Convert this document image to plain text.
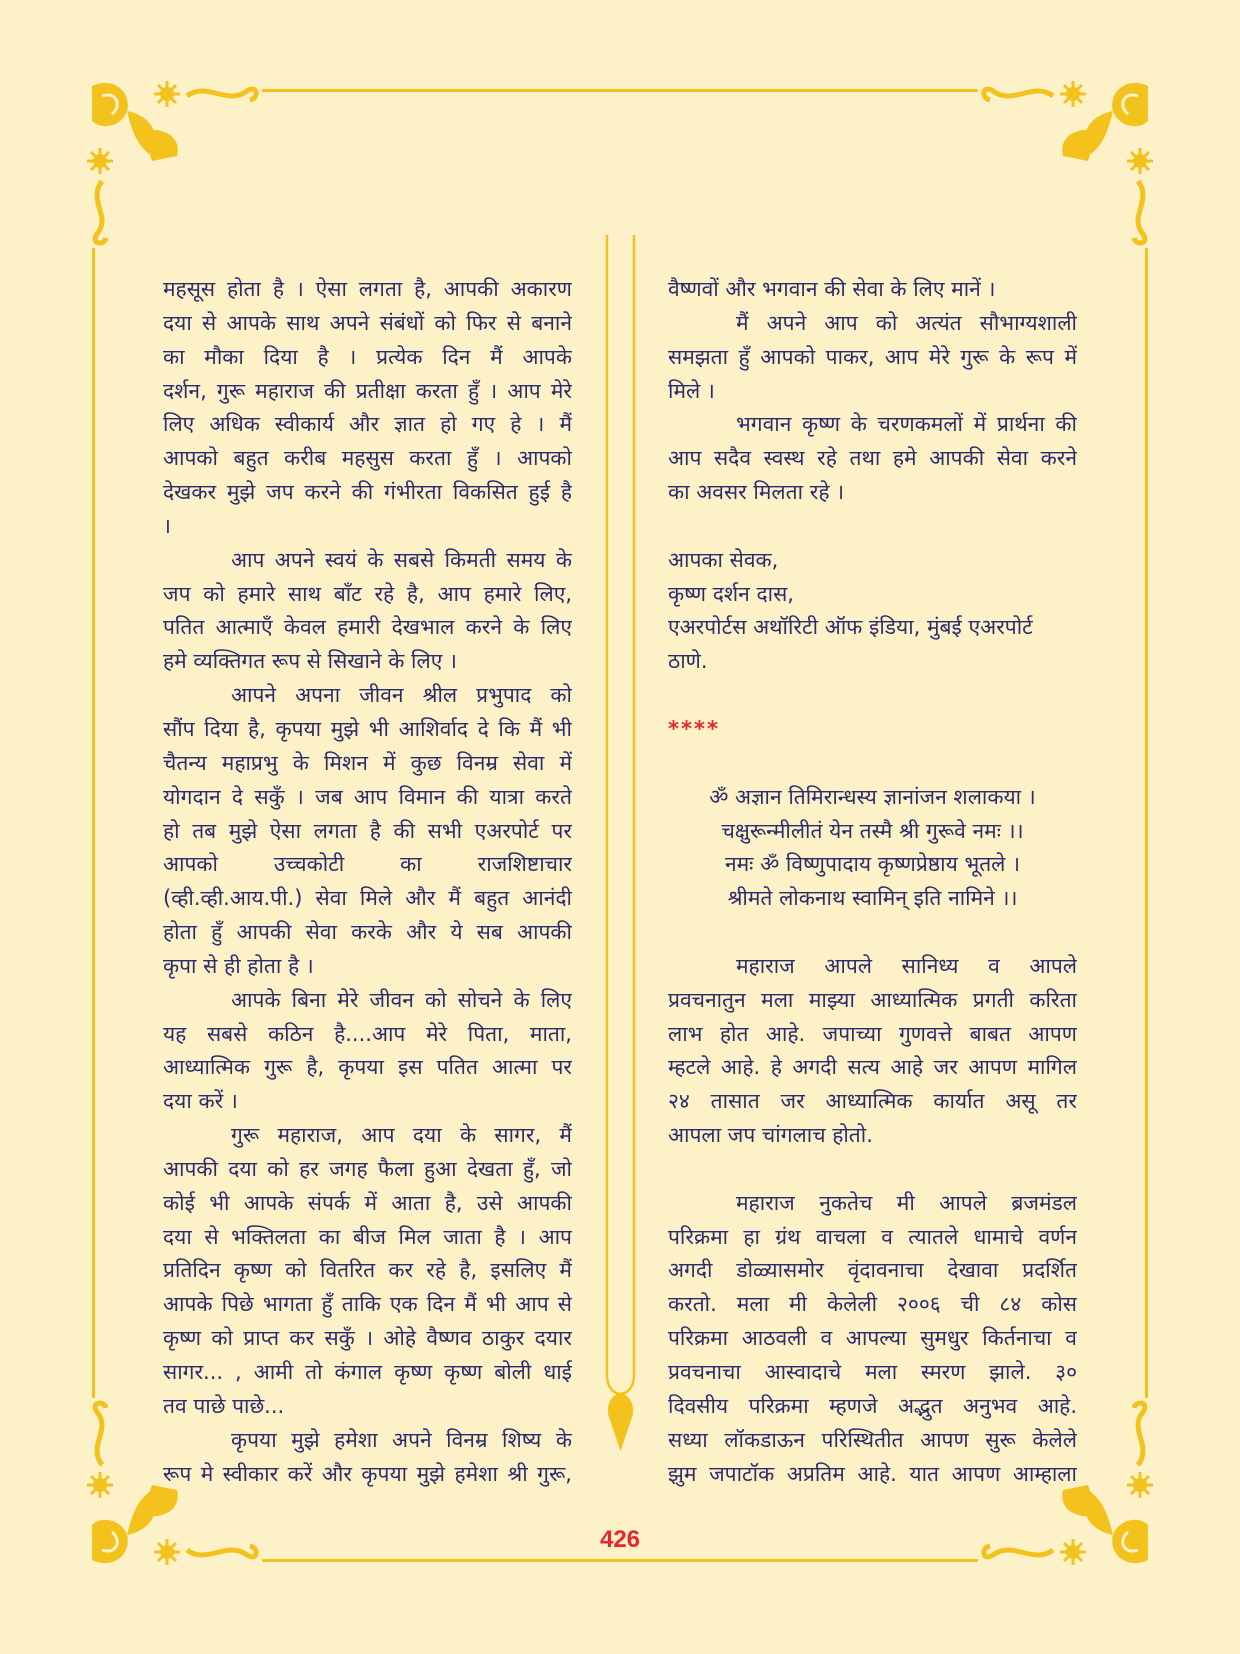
महसूस होता है । ऐसा लगता है, आपकी अकारण
दया से आपके साथ अपने संबंधों को फिर से बनाने
का मौका दिया है । प्रत्येक दिन मैं आपके
दर्शन, गुरू महाराज की प्रतीक्षा करता हुँ । आप मेरे
लिए अधिक स्वीकार्य और ज्ञात हो गए हे । मैं
आपको बहुत करीब महसुस करता हुँ । आपको
देखकर मुझे जप करने की गंभीरता विकसित हुई है
।
आप अपने स्वयं के सबसे किमती समय के
जप को हमारे साथ बाँट रहे है, आप हमारे लिए,
पतित आत्माएँ केवल हमारी देखभाल करने के लिए
हमे व्यक्तिगत रूप से सिखाने के लिए ।
आपने अपना जीवन श्रील प्रभुपाद को
सौंप दिया है, कृपया मुझे भी आशिर्वाद दे कि मैं भी
चैतन्य महाप्रभु के मिशन में कुछ विनम्र सेवा में
योगदान दे सकुँ । जब आप विमान की यात्रा करते
हो तब मुझे ऐसा लगता है की सभी एअरपोर्ट पर
आपको उच्चकोटी का राजशिष्टाचार
(व्ही.व्ही.आय.पी.) सेवा मिले और मैं बहुत आनंदी
होता हुँ आपकी सेवा करके और ये सब आपकी
कृपा से ही होता है ।
आपके बिना मेरे जीवन को सोचने के लिए
यह सबसे कठिन है....आप मेरे पिता, माता,
आध्यात्मिक गुरू है, कृपया इस पतित आत्मा पर
दया करें ।
गुरू महाराज, आप दया के सागर, मैं
आपकी दया को हर जगह फैला हुआ देखता हुँ, जो
कोई भी आपके संपर्क में आता है, उसे आपकी
दया से भक्तिलता का बीज मिल जाता है । आप
प्रतिदिन कृष्ण को वितरित कर रहे है, इसलिए मैं
आपके पिछे भागता हुँ ताकि एक दिन मैं भी आप से
कृष्ण को प्राप्त कर सकुँ । ओहे वैष्णव ठाकुर दयार
सागर... , आमी तो कंगाल कृष्ण कृष्ण बोली धाई
तव पाछे पाछे...
कृपया मुझे हमेशा अपने विनम्र शिष्य के
रूप मे स्वीकार करें और कृपया मुझे हमेशा श्री गुरू,
वैष्णवों और भगवान की सेवा के लिए मानें ।
मैं अपने आप को अत्यंत सौभाग्यशाली
समझता हुँ आपको पाकर, आप मेरे गुरू के रूप में
मिले ।
भगवान कृष्ण के चरणकमलों में प्रार्थना की
आप सदैव स्वस्थ रहे तथा हमे आपकी सेवा करने
का अवसर मिलता रहे ।

आपका सेवक,
कृष्ण दर्शन दास,
एअरपोर्टस अथॉरिटी ऑफ इंडिया, मुंबई एअरपोर्ट
ठाणे.

****

ॐ अज्ञान तिमिरान्धस्य ज्ञानांजन शलाकया ।
चक्षुरून्मीलीतं येन तस्मै श्री गुरूवे नमः ।।
नमः ॐ विष्णुपादाय कृष्णप्रेष्ठाय भूतले ।
श्रीमते लोकनाथ स्वामिन् इति नामिने ।।

महाराज आपले सानिध्य व आपले
प्रवचनातुन मला माझ्या आध्यात्मिक प्रगती करिता
लाभ होत आहे. जपाच्या गुणवत्ते बाबत आपण
म्हटले आहे. हे अगदी सत्य आहे जर आपण मागिल
२४ तासात जर आध्यात्मिक कार्यात असू तर
आपला जप चांगलाच होतो.

महाराज नुकतेच मी आपले ब्रजमंडल
परिक्रमा हा ग्रंथ वाचला व त्यातले धामाचे वर्णन
अगदी डोळ्यासमोर वृंदावनाचा देखावा प्रदर्शित
करतो. मला मी केलेली २००६ ची ८४ कोस
परिक्रमा आठवली व आपल्या सुमधुर किर्तनाचा व
प्रवचनाचा आस्वादाचे मला स्मरण झाले. ३०
दिवसीय परिक्रमा म्हणजे अद्भुत अनुभव आहे.
सध्या लॉकडाऊन परिस्थितीत आपण सुरू केलेले
झुम जपाटॉक अप्रतिम आहे. यात आपण आम्हाला
426
